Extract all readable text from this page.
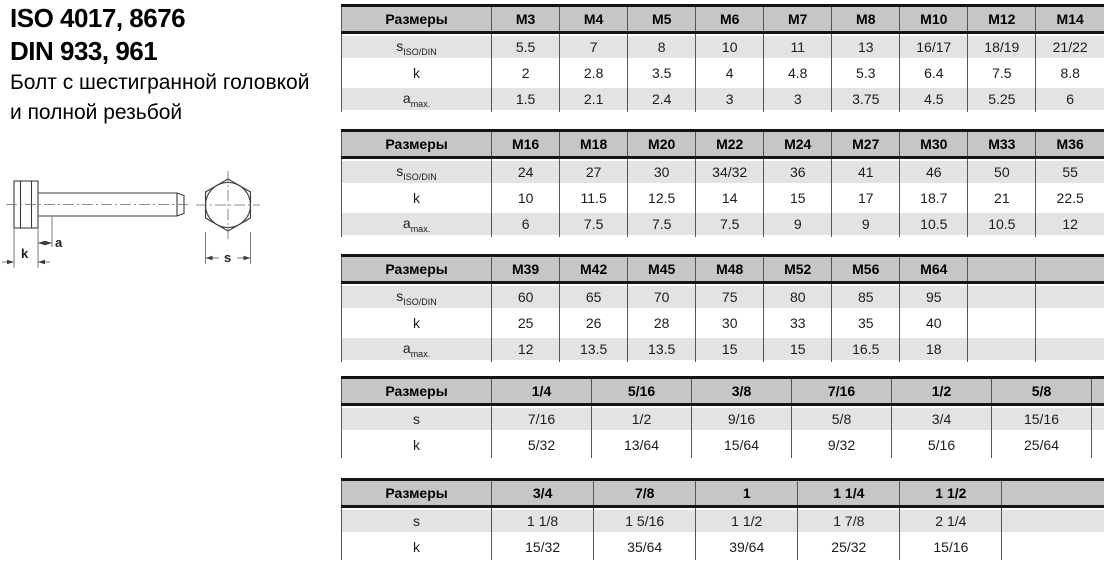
ISO 4017, 8676
DIN 933, 961
Болт с шестигранной головкой
и полной резьбой
a
k	s
Размеры	M3	M4	M5	M6	M7	M8	M10	M12	M14
$s_{ISO/DIN}$	5.5	7	8	10	11	13	16/17	18/19	21/22
k	2	2.8	3.5	4	4.8	5.3	6.4	7.5	8.8
$a_{max.}$	1.5	2.1	2.4	3	3	3.75	4.5	5.25	6
Размеры	M16	M18	M20	M22	M24	M27	M30	M33	M36
$s_{ISO/DIN}$	24	27	30	34/32	36	41	46	50	55
k	10	11.5	12.5	14	15	17	18.7	21	22.5
$a_{max.}$	6	7.5	7.5	7.5	9	9	10.5	10.5	12
Размеры	M39	M42	M45	M48	M52	M56	M64		
$s_{ISO/DIN}$	60	65	70	75	80	85	95		
k	25	26	28	30	33	35	40		
$a_{max.}$	12	13.5	13.5	15	15	16.5	18		
Размеры	1/4	5/16	3/8	7/16	1/2	5/8	
s	7/16	1/2	9/16	5/8	3/4	15/16	
k	5/32	13/64	15/64	9/32	5/16	25/64	
Размеры	3/4	7/8	1	1 1/4	1 1/2	
s	1 1/8	1 5/16	1 1/2	1 7/8	2 1/4	
k	15/32	35/64	39/64	25/32	15/16	
